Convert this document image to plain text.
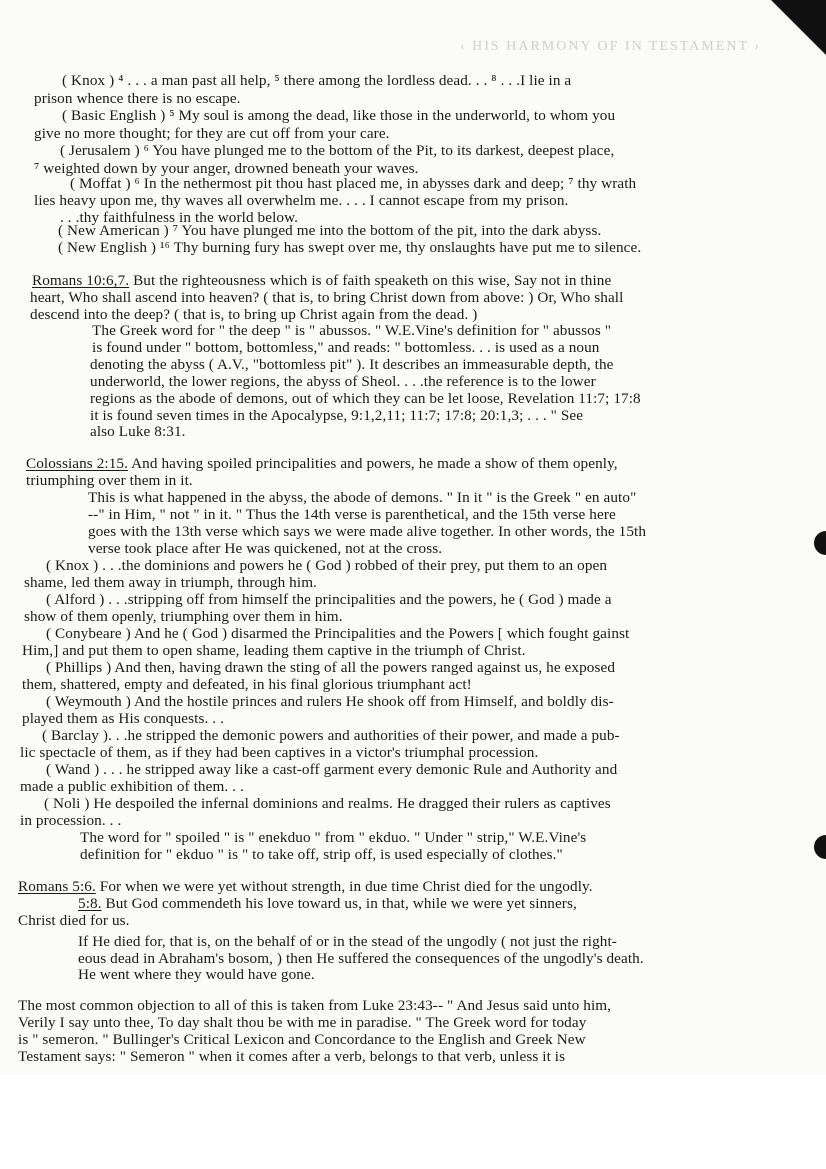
‹ HIS HARMONY OF IN TESTAMENT ›
( Knox ) ⁴ . . . a man past all help, ⁵ there among the lordless dead. . . ⁸ . . .I lie in a
prison whence there is no escape.
( Basic English ) ⁵ My soul is among the dead, like those in the underworld, to whom you
give no more thought; for they are cut off from your care.
( Jerusalem ) ⁶ You have plunged me to the bottom of the Pit, to its darkest, deepest place,
⁷ weighted down by your anger, drowned beneath your waves.
( Moffat ) ⁶ In the nethermost pit thou hast placed me, in abysses dark and deep; ⁷ thy wrath
lies heavy upon me, thy waves all overwhelm me. . . . I cannot escape from my prison.
. . .thy faithfulness in the world below.
( New American ) ⁷ You have plunged me into the bottom of the pit, into the dark abyss.
( New English ) ¹⁶ Thy burning fury has swept over me, thy onslaughts have put me to silence.
Romans 10:6,7. But the righteousness which is of faith speaketh on this wise, Say not in thine
heart, Who shall ascend into heaven? ( that is, to bring Christ down from above: ) Or, Who shall
descend into the deep? ( that is, to bring up Christ again from the dead. )
The Greek word for " the deep " is " abussos. " W.E.Vine's definition for " abussos "
is found under " bottom, bottomless," and reads: " bottomless. . . is used as a noun
denoting the abyss ( A.V., "bottomless pit" ). It describes an immeasurable depth, the
underworld, the lower regions, the abyss of Sheol. . . .the reference is to the lower
regions as the abode of demons, out of which they can be let loose, Revelation 11:7; 17:8
it is found seven times in the Apocalypse, 9:1,2,11; 11:7; 17:8; 20:1,3; . . . " See
also Luke 8:31.
Colossians 2:15. And having spoiled principalities and powers, he made a show of them openly,
triumphing over them in it.
This is what happened in the abyss, the abode of demons. " In it " is the Greek " en auto"
--" in Him, " not " in it. " Thus the 14th verse is parenthetical, and the 15th verse here
goes with the 13th verse which says we were made alive together. In other words, the 15th
verse took place after He was quickened, not at the cross.
( Knox ) . . .the dominions and powers he ( God ) robbed of their prey, put them to an open
shame, led them away in triumph, through him.
( Alford ) . . .stripping off from himself the principalities and the powers, he ( God ) made a
show of them openly, triumphing over them in him.
( Conybeare ) And he ( God ) disarmed the Principalities and the Powers [ which fought gainst
Him,] and put them to open shame, leading them captive in the triumph of Christ.
( Phillips ) And then, having drawn the sting of all the powers ranged against us, he exposed
them, shattered, empty and defeated, in his final glorious triumphant act!
( Weymouth ) And the hostile princes and rulers He shook off from Himself, and boldly dis-
played them as His conquests. . .
( Barclay ). . .he stripped the demonic powers and authorities of their power, and made a pub-
lic spectacle of them, as if they had been captives in a victor's triumphal procession.
( Wand ) . . . he stripped away like a cast-off garment every demonic Rule and Authority and
made a public exhibition of them. . .
( Noli ) He despoiled the infernal dominions and realms. He dragged their rulers as captives
in procession. . .
The word for " spoiled " is " enekduo " from " ekduo. " Under " strip," W.E.Vine's
definition for " ekduo " is " to take off, strip off, is used especially of clothes."
Romans 5:6. For when we were yet without strength, in due time Christ died for the ungodly.
5:8. But God commendeth his love toward us, in that, while we were yet sinners,
Christ died for us.
If He died for, that is, on the behalf of or in the stead of the ungodly ( not just the right-
eous dead in Abraham's bosom, ) then He suffered the consequences of the ungodly's death.
He went where they would have gone.
The most common objection to all of this is taken from Luke 23:43-- " And Jesus said unto him,
Verily I say unto thee, To day shalt thou be with me in paradise. " The Greek word for today
is " semeron. " Bullinger's Critical Lexicon and Concordance to the English and Greek New
Testament says: " Semeron " when it comes after a verb, belongs to that verb, unless it is
